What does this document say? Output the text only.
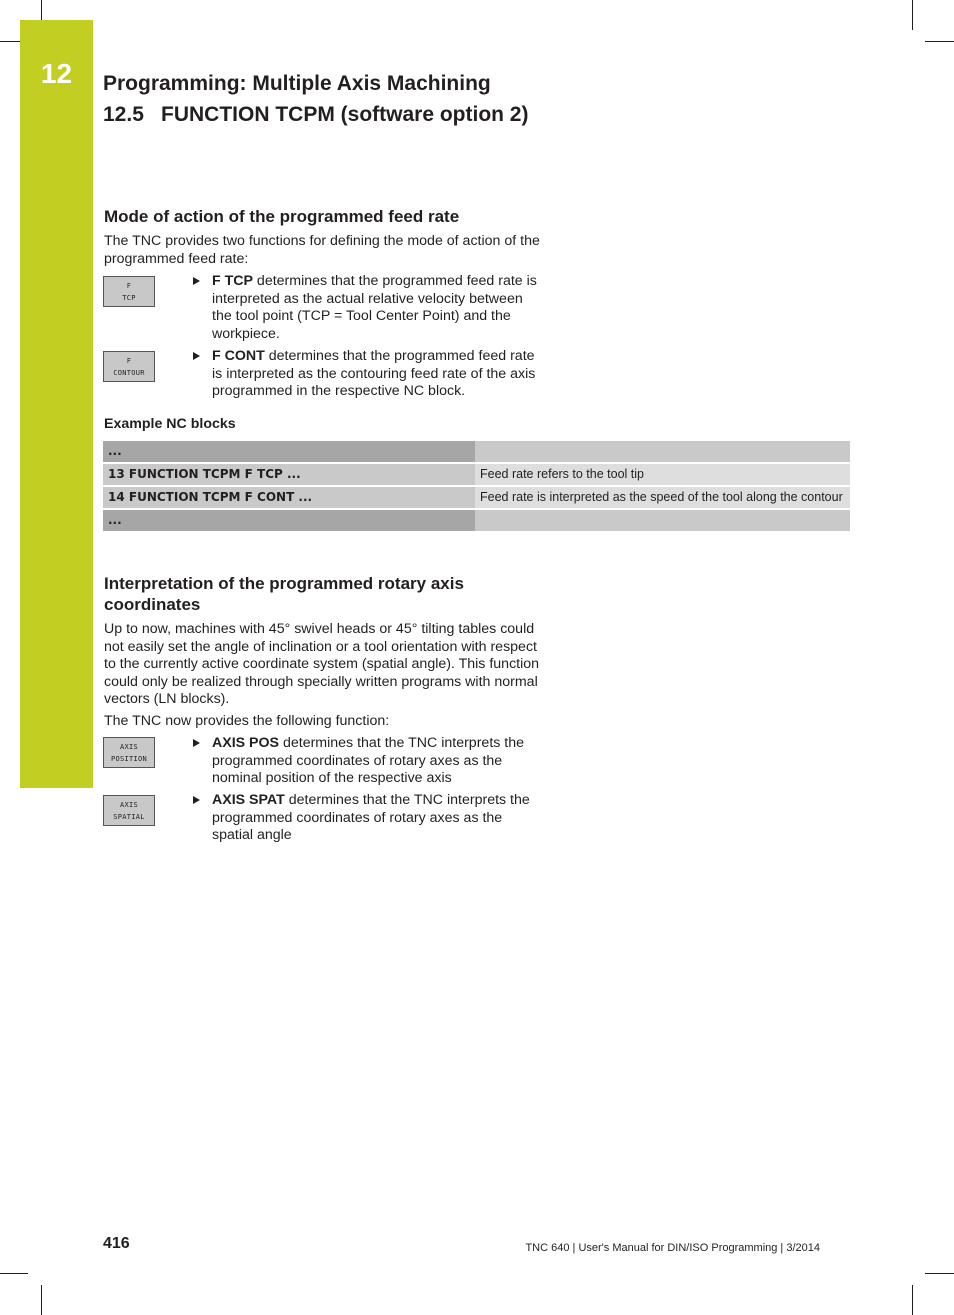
12	Programming: Multiple Axis Machining
12.5 FUNCTION TCPM (software option 2)
Mode of action of the programmed feed rate

The TNC provides two functions for defining the mode of action of the programmed feed rate:

F
TCP
F TCP determines that the programmed feed rate is interpreted as the actual relative velocity between the tool point (TCP = Tool Center Point) and the workpiece.
F
CONTOUR
F CONT determines that the programmed feed rate is interpreted as the contouring feed rate of the axis programmed in the respective NC block.
Example NC blocks
...	
13 FUNCTION TCPM F TCP ...	Feed rate refers to the tool tip
14 FUNCTION TCPM F CONT ...	Feed rate is interpreted as the speed of the tool along the contour
...	
Interpretation of the programmed rotary axis
coordinates

Up to now, machines with 45° swivel heads or 45° tilting tables could not easily set the angle of inclination or a tool orientation with respect to the currently active coordinate system (spatial angle). This function could only be realized through specially written programs with normal vectors (LN blocks).

The TNC now provides the following function:

AXIS
POSITION
AXIS POS determines that the TNC interprets the programmed coordinates of rotary axes as the nominal position of the respective axis
AXIS
SPATIAL
AXIS SPAT determines that the TNC interprets the programmed coordinates of rotary axes as the spatial angle
416	TNC 640 | User's Manual for DIN/ISO Programming | 3/2014
